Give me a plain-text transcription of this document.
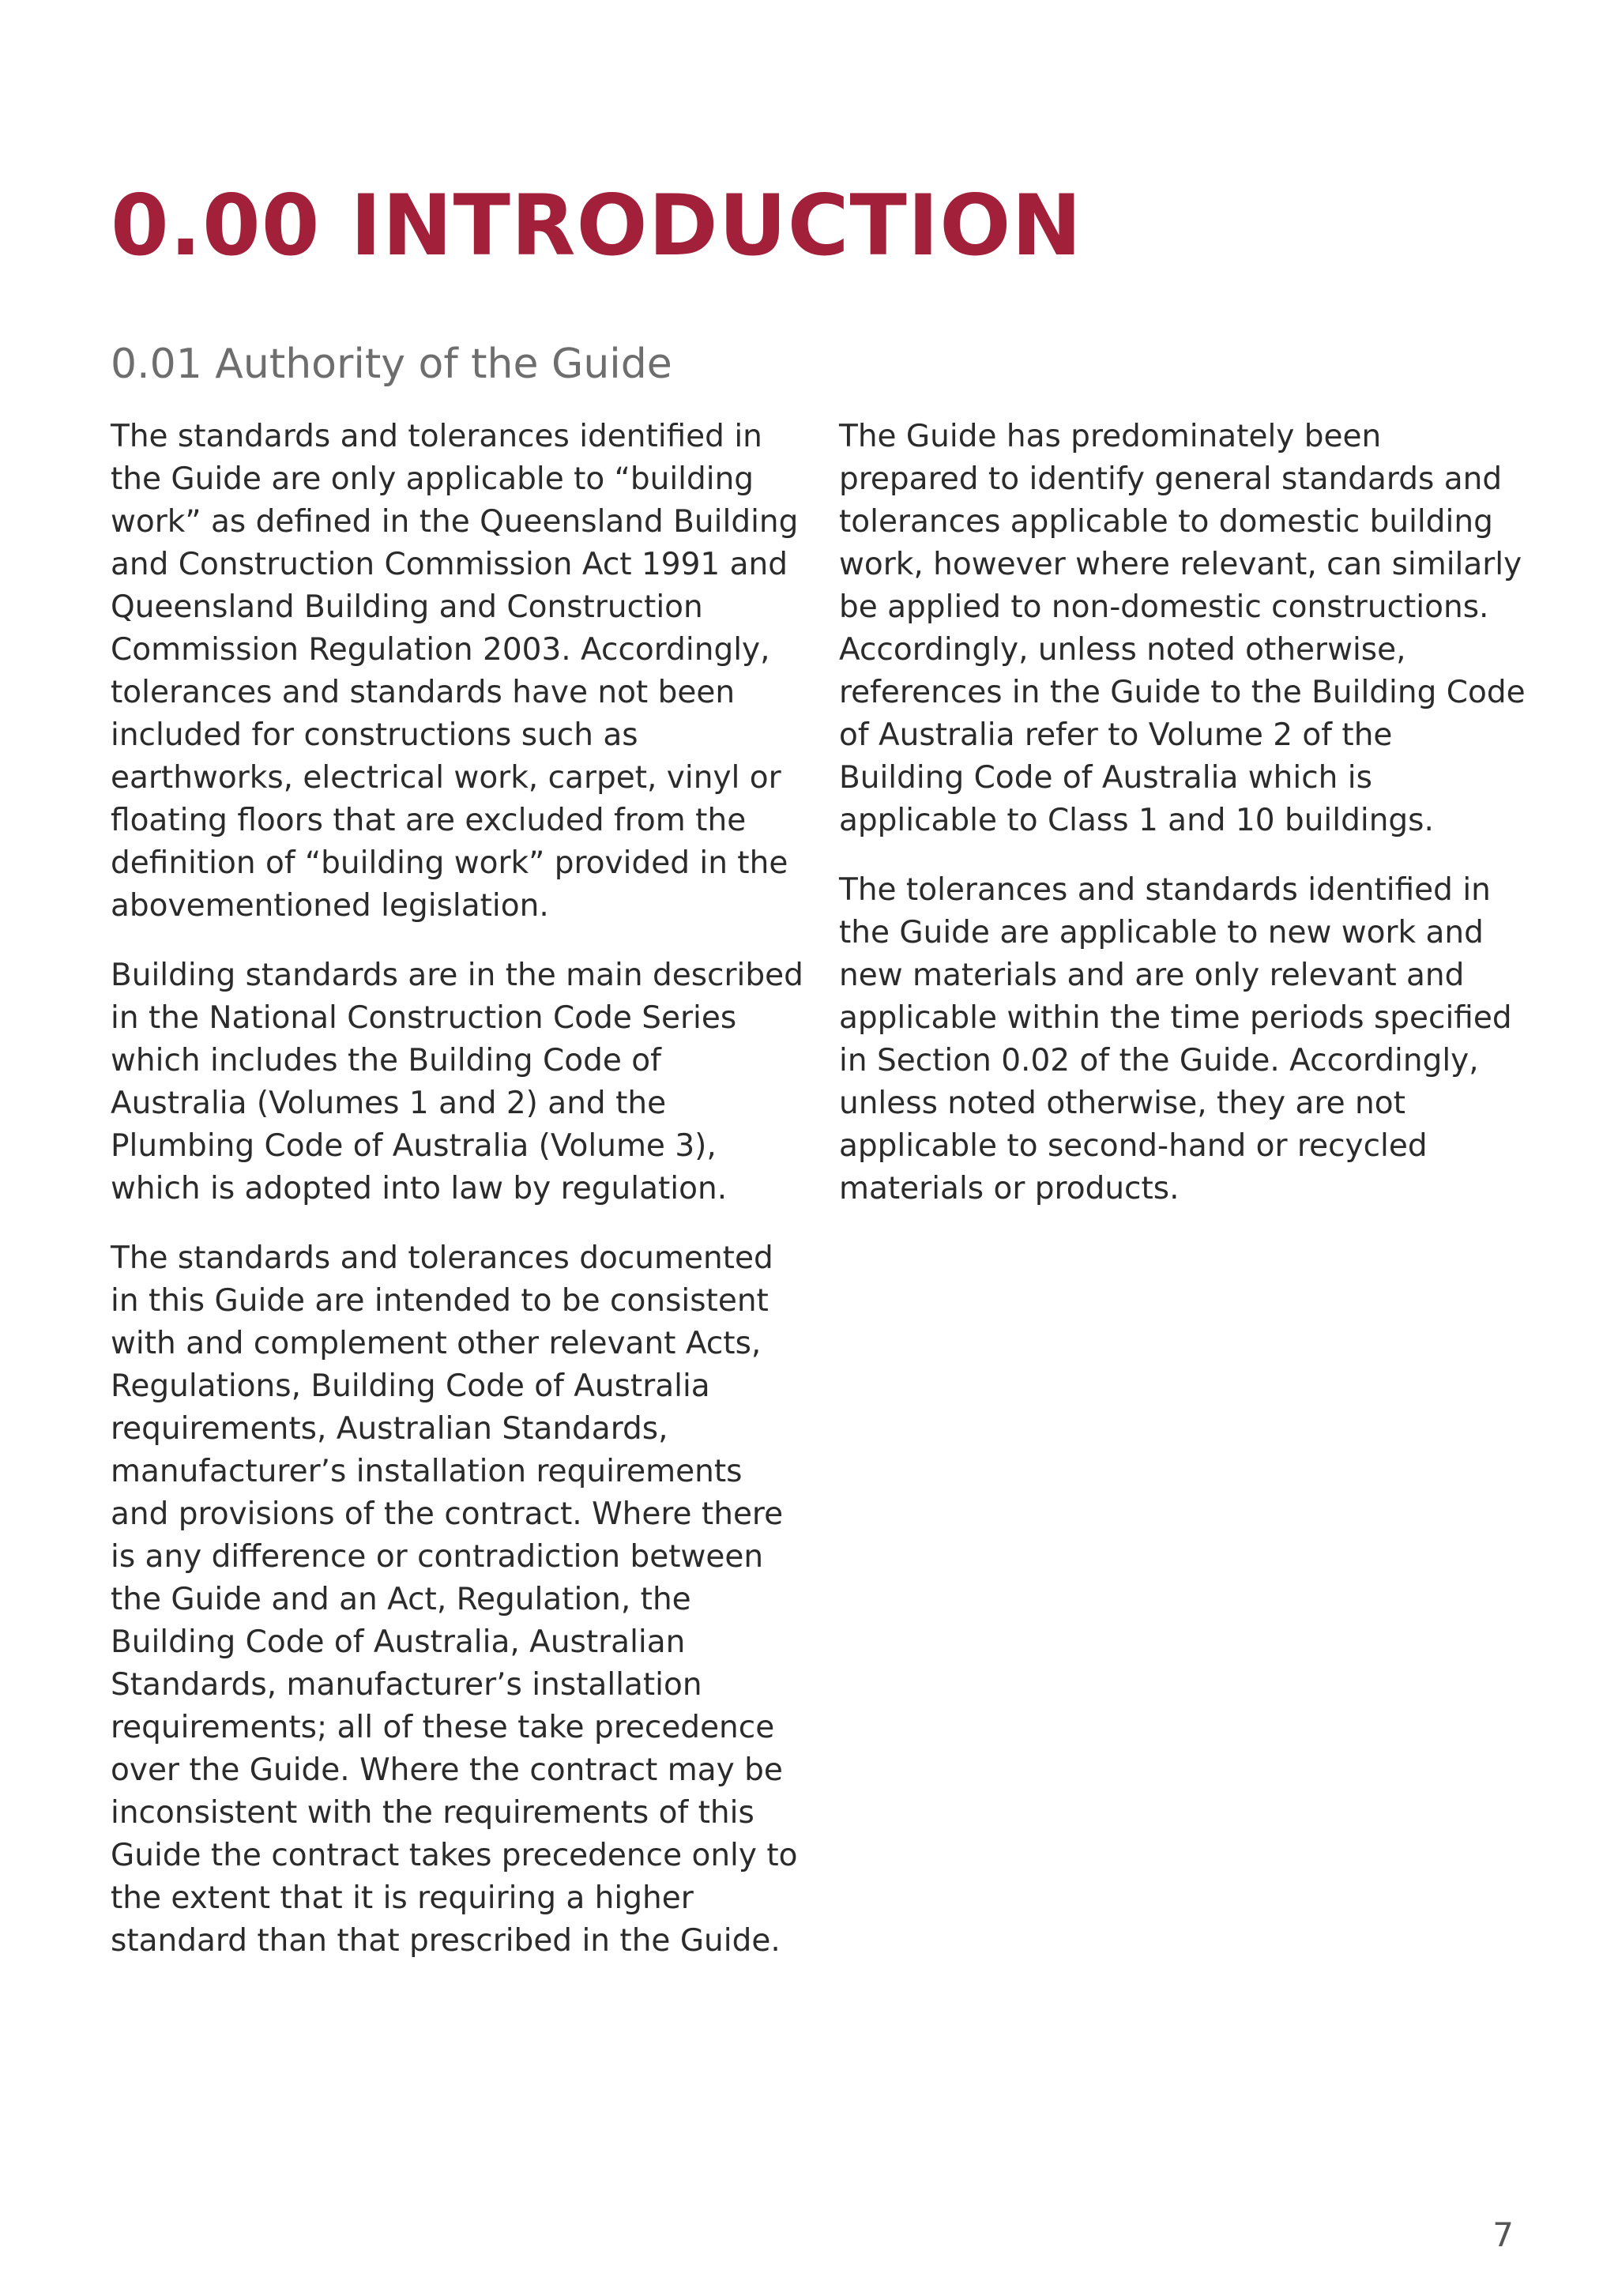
0.00 INTRODUCTION
0.01 Authority of the Guide

The standards and tolerances identified in the Guide are only applicable to “building work” as defined in the Queensland Building and Construction Commission Act 1991 and Queensland Building and Construction Commission Regulation 2003. Accordingly, tolerances and standards have not been included for constructions such as earthworks, electrical work, carpet, vinyl or floating floors that are excluded from the definition of “building work” provided in the abovementioned legislation.

Building standards are in the main described in the National Construction Code Series which includes the Building Code of Australia (Volumes 1 and 2) and the Plumbing Code of Australia (Volume 3), which is adopted into law by regulation.

The standards and tolerances documented in this Guide are intended to be consistent with and complement other relevant Acts, Regulations, Building Code of Australia requirements, Australian Standards, manufacturer’s installation requirements and provisions of the contract. Where there is any difference or contradiction between the Guide and an Act, Regulation, the Building Code of Australia, Australian Standards, manufacturer’s installation requirements; all of these take precedence over the Guide. Where the contract may be inconsistent with the requirements of this Guide the contract takes precedence only to the extent that it is requiring a higher standard than that prescribed in the Guide.

The Guide has predominately been prepared to identify general standards and tolerances applicable to domestic building work, however where relevant, can similarly be applied to non-domestic constructions. Accordingly, unless noted otherwise, references in the Guide to the Building Code of Australia refer to Volume 2 of the Building Code of Australia which is applicable to Class 1 and 10 buildings.

The tolerances and standards identified in the Guide are applicable to new work and new materials and are only relevant and applicable within the time periods specified in Section 0.02 of the Guide. Accordingly, unless noted otherwise, they are not applicable to second-hand or recycled materials or products.

7
